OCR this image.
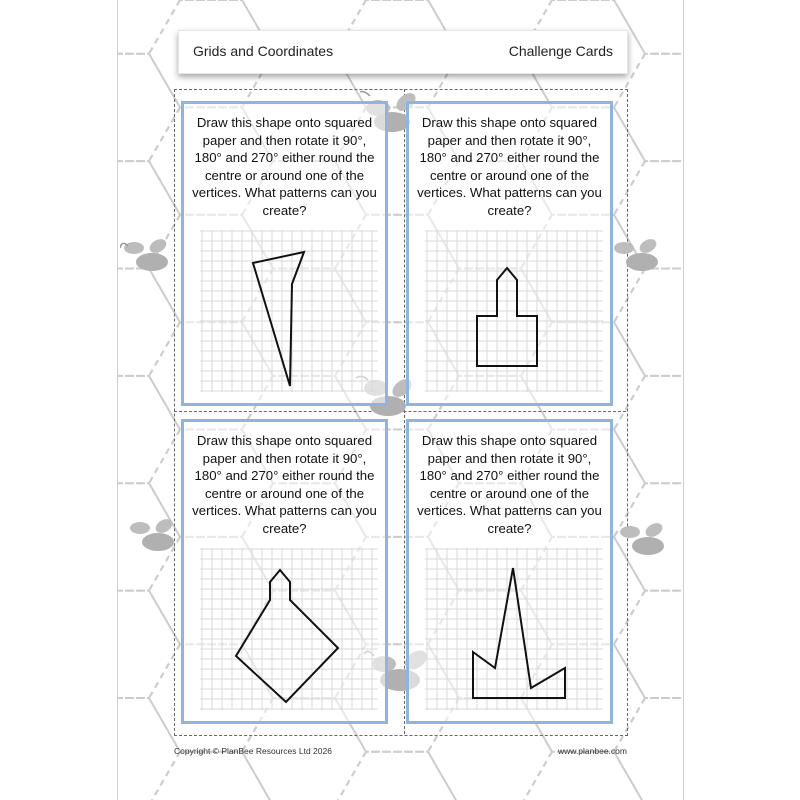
Grids and Coordinates	Challenge Cards
Draw this shape onto squared paper and then rotate it 90°, 180° and 270° either round the centre or around one of the vertices. What patterns can you create?
Draw this shape onto squared paper and then rotate it 90°, 180° and 270° either round the centre or around one of the vertices. What patterns can you create?
Draw this shape onto squared paper and then rotate it 90°, 180° and 270° either round the centre or around one of the vertices. What patterns can you create?
Draw this shape onto squared paper and then rotate it 90°, 180° and 270° either round the centre or around one of the vertices. What patterns can you create?
Copyright © PlanBee Resources Ltd 2026	www.planbee.com
